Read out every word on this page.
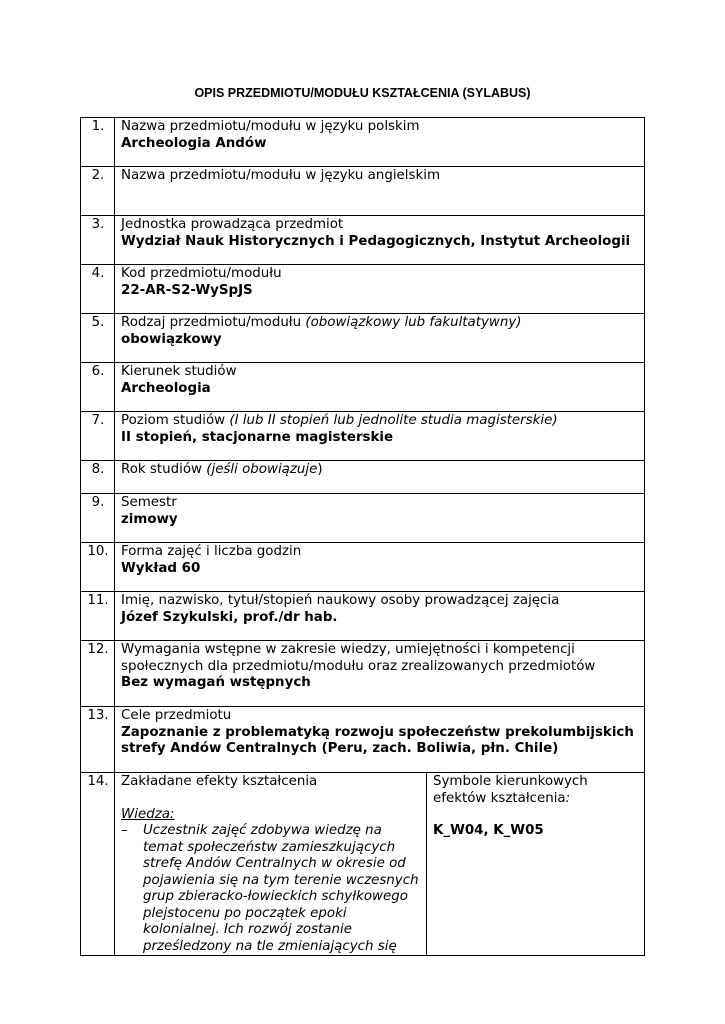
OPIS PRZEDMIOTU/MODUŁU KSZTAŁCENIA (SYLABUS)
1.	Nazwa przedmiotu/modułu w języku polskim
Archeologia Andów	

2.	Nazwa przedmiotu/modułu w języku angielskim	

3.	Jednostka prowadząca przedmiot
Wydział Nauk Historycznych i Pedagogicznych, Instytut Archeologii	

4.	Kod przedmiotu/modułu
22-AR-S2-WySpJS	

5.	Rodzaj przedmiotu/modułu (obowiązkowy lub fakultatywny)
obowiązkowy	

6.	Kierunek studiów
Archeologia	

7.	Poziom studiów (I lub II stopień lub jednolite studia magisterskie)
II stopień, stacjonarne magisterskie	

8.	Rok studiów (jeśli obowiązuje)	

9.	Semestr
zimowy	

10.	Forma zajęć i liczba godzin
Wykład 60	

11.	Imię, nazwisko, tytuł/stopień naukowy osoby prowadzącej zajęcia
Józef Szykulski, prof./dr hab.	

12.	Wymagania wstępne w zakresie wiedzy, umiejętności i kompetencji społecznych dla przedmiotu/modułu oraz zrealizowanych przedmiotów
Bez wymagań wstępnych	

13.	Cele przedmiotu
Zapoznanie z problematyką rozwoju społeczeństw prekolumbijskich strefy Andów Centralnych (Peru, zach. Boliwia, płn. Chile)	

14.	Zakładane efekty kształcenia
Wiedza:
– Uczestnik zajęć zdobywa wiedzę na temat społeczeństw zamieszkujących strefę Andów Centralnych w okresie od pojawienia się na tym terenie wczesnych grup zbieracko-łowieckich schyłkowego plejstocenu po początek epoki kolonialnej. Ich rozwój zostanie prześledzony na tle zmieniających się	Symbole kierunkowych efektów kształcenia:
K_W04, K_W05
